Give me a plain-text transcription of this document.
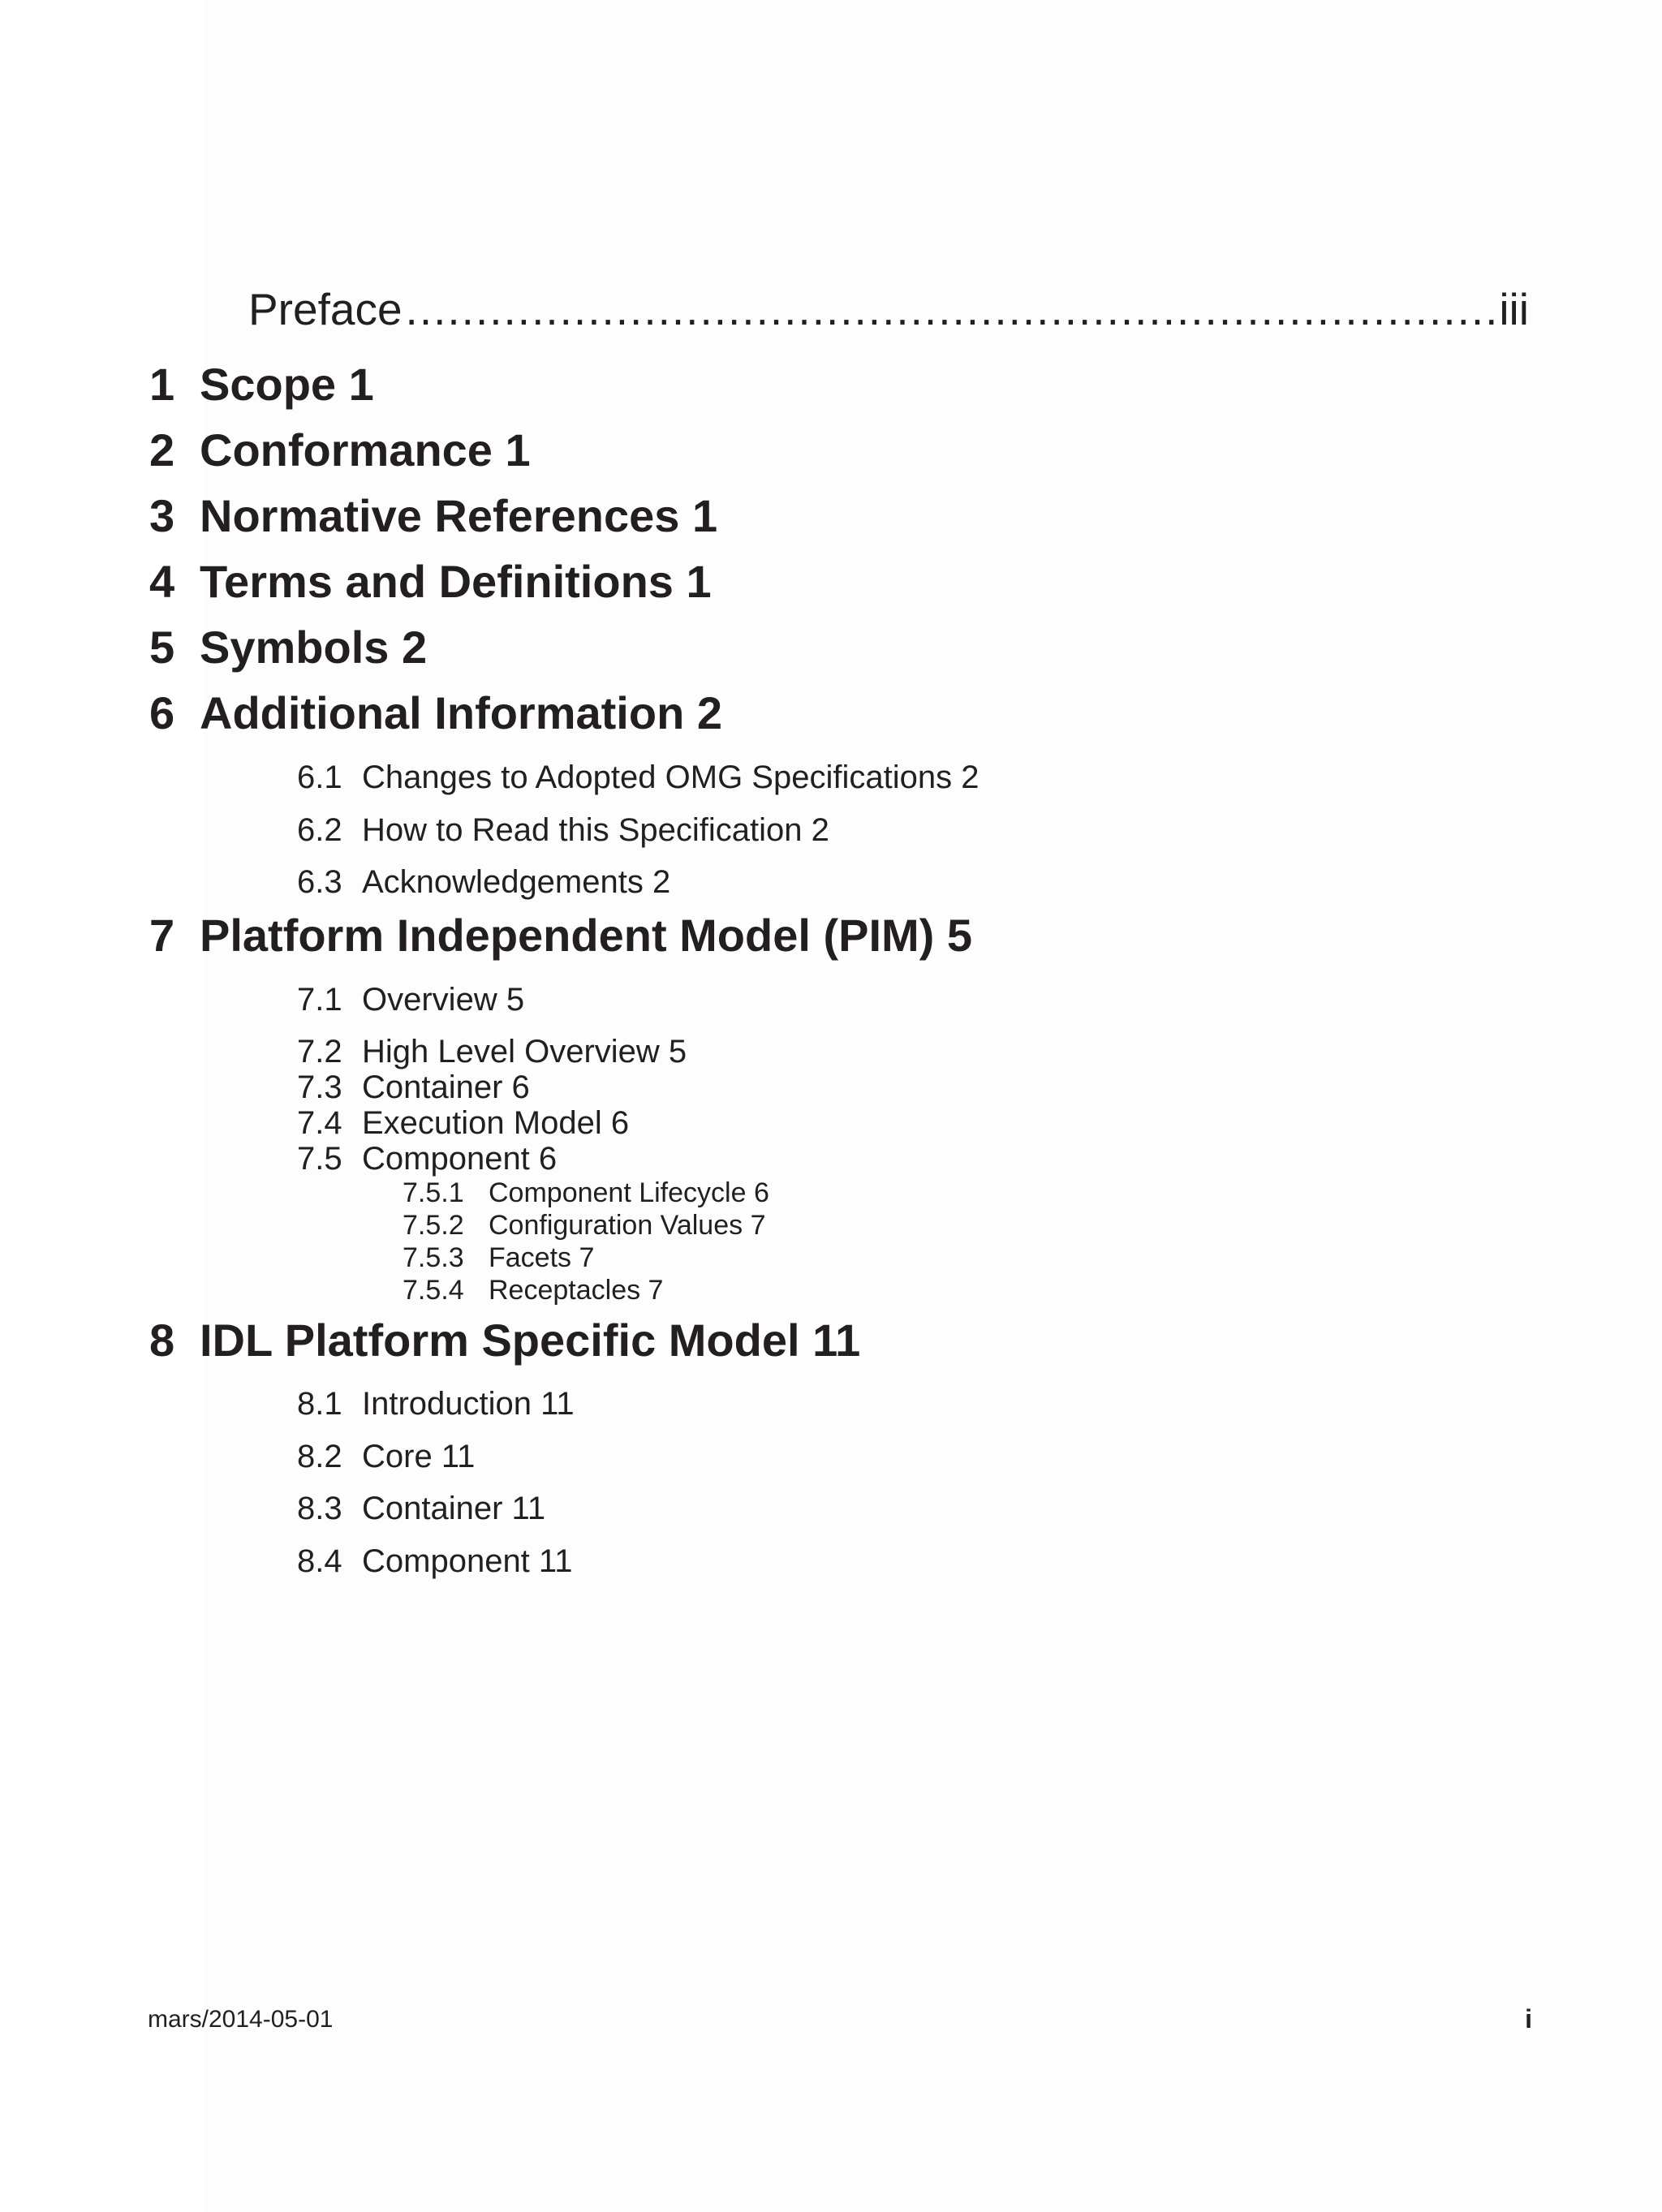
Preface
.....	iii
1 Scope 1
2 Conformance 1
3 Normative References 1
4 Terms and Definitions 1
5 Symbols 2
6 Additional Information 2
6.1 Changes to Adopted OMG Specifications 2
6.2 How to Read this Specification 2
6.3 Acknowledgements 2
7 Platform Independent Model (PIM) 5
7.1 Overview 5
7.2 High Level Overview 5
7.3 Container 6
7.4 Execution Model 6
7.5 Component 6
7.5.1 Component Lifecycle 6
7.5.2 Configuration Values 7
7.5.3 Facets 7
7.5.4 Receptacles 7
8 IDL Platform Specific Model 11
8.1 Introduction 11
8.2 Core 11
8.3 Container 11
8.4 Component 11
mars/2014-05-01	i
